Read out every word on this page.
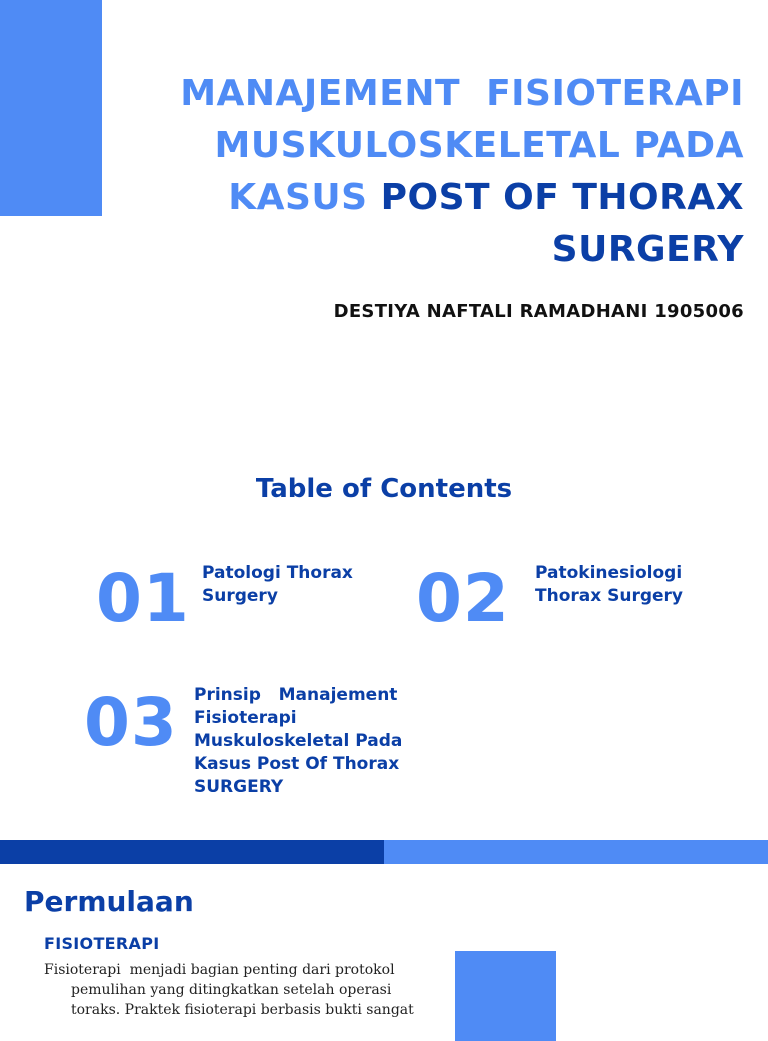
MANAJEMENT  FISIOTERAPI
MUSKULOSKELETAL PADA
KASUS POST OF THORAX
SURGERY
DESTIYA NAFTALI RAMADHANI 1905006
Table of Contents
01 Patologi Thorax
Surgery	02 Patokinesiologi
Thorax Surgery
03 Prinsip   Manajement
Fisioterapi
Muskuloskeletal Pada
Kasus Post Of Thorax
SURGERY
Permulaan
FISIOTERAPI
Fisioterapi  menjadi bagian penting dari protokol
pemulihan yang ditingkatkan setelah operasi
toraks. Praktek fisioterapi berbasis bukti sangat
